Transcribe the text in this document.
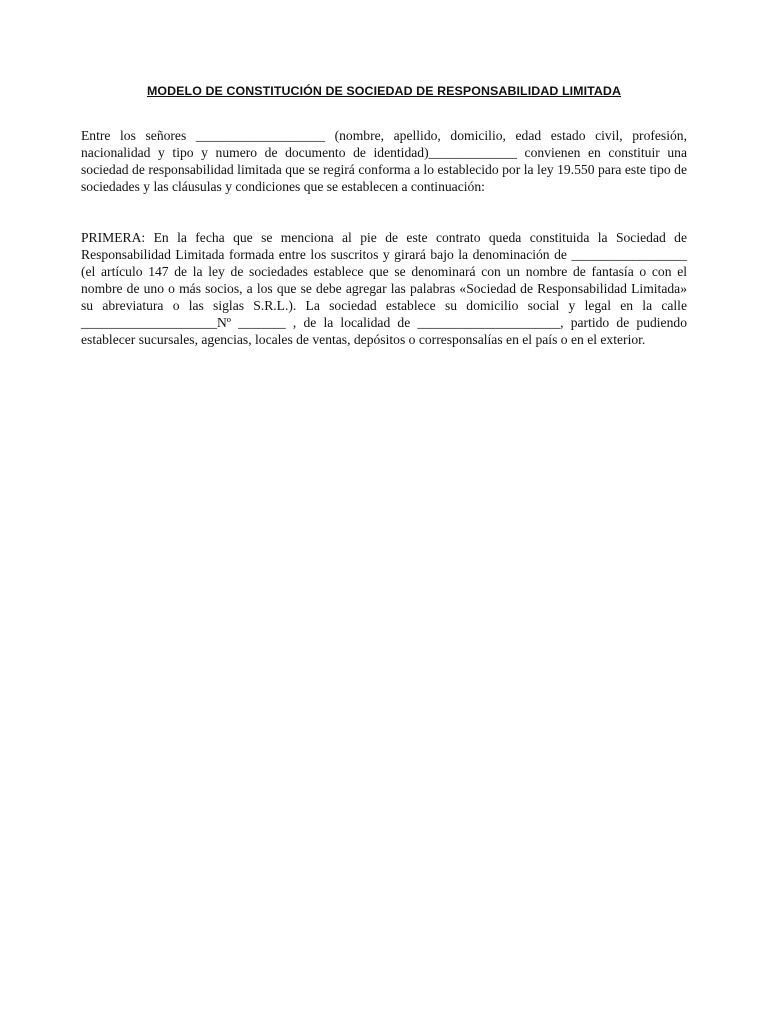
MODELO DE CONSTITUCIÓN DE SOCIEDAD DE RESPONSABILIDAD LIMITADA

Entre los señores ___________________ (nombre, apellido, domicilio, edad estado civil, profesión, nacionalidad y tipo y numero de documento de identidad)_____________ convienen en constituir una sociedad de responsabilidad limitada que se regirá conforma a lo establecido por la ley 19.550 para este tipo de sociedades y las cláusulas y condiciones que se establecen a continuación:

PRIMERA: En la fecha que se menciona al pie de este contrato queda constituida la Sociedad de Responsabilidad Limitada formada entre los suscritos y girará bajo la denominación de _________________ (el artículo 147 de la ley de sociedades establece que se denominará con un nombre de fantasía o con el nombre de uno o más socios, a los que se debe agregar las palabras «Sociedad de Responsabilidad Limitada» su abreviatura o las siglas S.R.L.). La sociedad establece su domicilio social y legal en la calle ____________________Nº _______ , de la localidad de _____________________, partido de pudiendo establecer sucursales, agencias, locales de ventas, depósitos o corresponsalías en el país o en el exterior.
